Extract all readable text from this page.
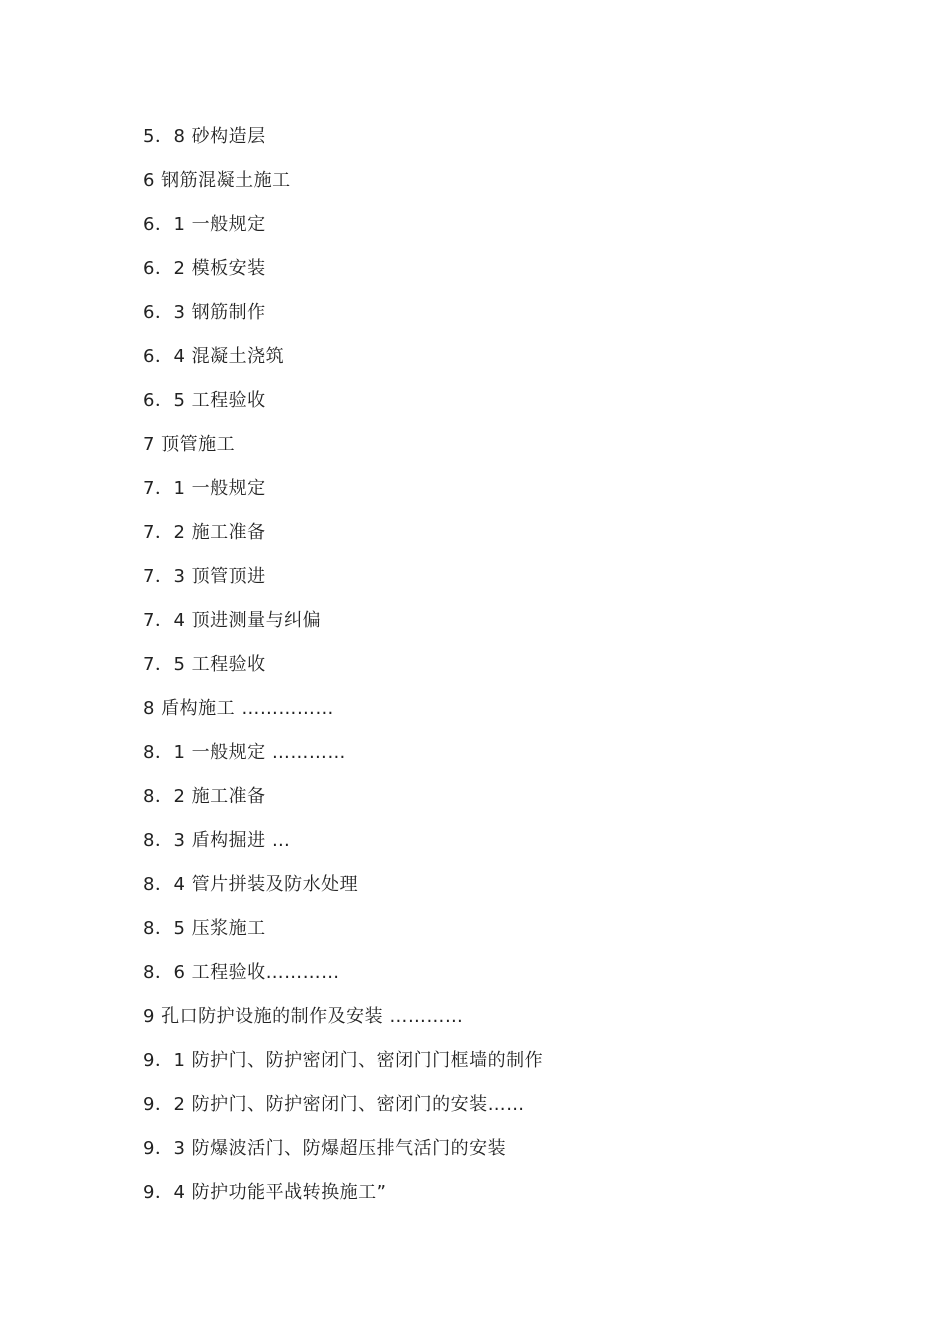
5．8 砂构造层
6 钢筋混凝土施工
6．1 一般规定
6．2 模板安装
6．3 钢筋制作
6．4 混凝土浇筑
6．5 工程验收
7 顶管施工
7．1 一般规定
7．2 施工准备
7．3 顶管顶进
7．4 顶进测量与纠偏
7．5 工程验收
8 盾构施工 ……………
8．1 一般规定 …………
8．2 施工准备
8．3 盾构掘进 …
8．4 管片拼装及防水处理
8．5 压浆施工
8．6 工程验收…………
9 孔口防护设施的制作及安装 …………
9．1 防护门、防护密闭门、密闭门门框墙的制作
9．2 防护门、防护密闭门、密闭门的安装……
9．3 防爆波活门、防爆超压排气活门的安装
9．4 防护功能平战转换施工”
